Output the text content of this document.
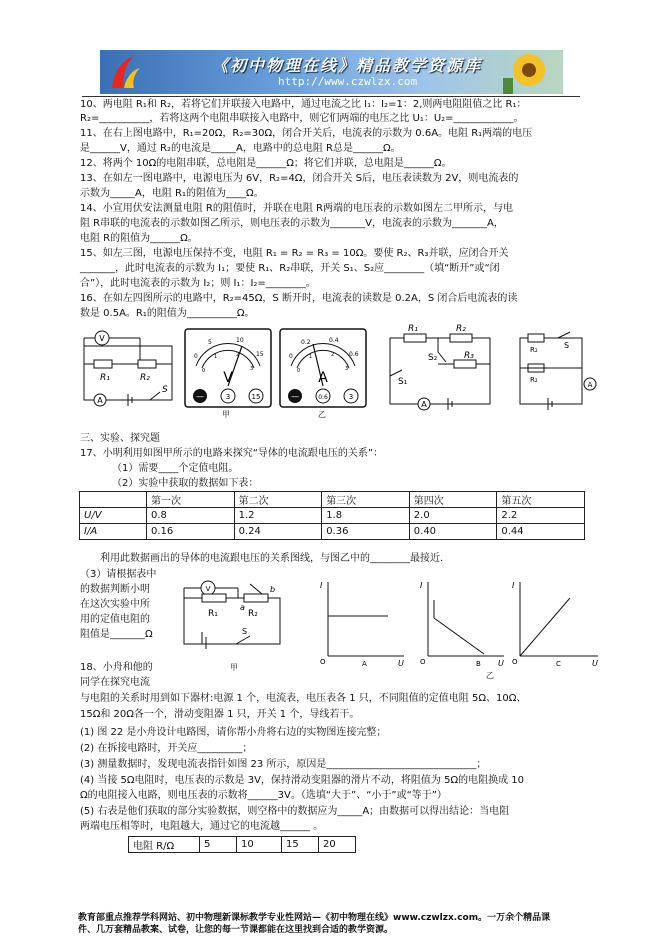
《初中物理在线》精品教学资源库
http://www.czwlzx.com
10、两电阻 R₁和 R₂，若将它们并联接入电路中，通过电流之比 I₁：I₂=1：2,则两电阻阻值之比 R₁：
R₂=__________，若将这两个电阻串联接入电路中，则它们两端的电压之比 U₁：U₂=____________。
11、在右上图电路中，R₁=20Ω，R₂=30Ω，闭合开关后，电流表的示数为 0.6A。电阻 R₁两端的电压
是______V，通过 R₂的电流是_____A，电路中的总电阻 R总是______Ω。
12、将两个 10Ω的电阻串联，总电阻是______Ω；将它们并联，总电阻是______Ω。
13、在如左一图电路中，电源电压为 6V，R₂=4Ω，闭合开关 S后，电压表读数为 2V，则电流表的
示数为_____A，电阻 R₁的阻值为____Ω。
14、小宣用伏安法测量电阻 R的阻值时，并联在电阻 R两端的电压表的示数如图左二甲所示，与电
阻 R串联的电流表的示数如图乙所示，则电压表的示数为_______V，电流表的示数为_______A，
电阻 R的阻值为______Ω。
15、如左三图，电源电压保持不变，电阻 R₁ = R₂ = R₃ = 10Ω。要使 R₂、R₃并联，应闭合开关
_______，此时电流表的示数为 I₁；要使 R₁、R₂串联，开关 S₁、S₂应________（填“断开”或“闭
合”），此时电流表的示数为 I₂；则 I₁：I₂=________。
16、在如左四图所示的电路中，R₂=45Ω，S 断开时，电流表的读数是 0.2A，S 闭合后电流表的读
数是 0.5A。R₁的阻值为__________Ω。
V
R₁	R₂
A
S
0
5	10
15
0
1	2
3
V
—	3	15
甲
0
0.2	0.4
0.6
0
1	2
3
A
—	0.6	3
乙
R₁	R₂
R₃
S₂
S₁
A
R₂
R₂
S
A
三、实验、探究题
17、小明利用如图甲所示的电路来探究“导体的电流跟电压的关系”：
（1）需要____个定值电阻。
（2）实验中获取的数据如下表：
	第一次	第二次	第三次	第四次	第五次
U/V	0.8	1.2	1.8	2.0	2.2
I/A	0.16	0.24	0.36	0.40	0.44
利用此数据画出的导体的电流跟电压的关系图线，与图乙中的________最接近.
（3）请根据表中
的数据判断小明
在这次实验中所
用的定值电阻的
阻值是_______Ω
V
R₁	R₂
a
b
S
甲
I
O	U
A
I
O	U
B
I
O	U
C
乙
18、小舟和他的
同学在探究电流
与电阻的关系时用到如下器材:电源 1 个，电流表，电压表各 1 只，不同阻值的定值电阻 5Ω、10Ω、
15Ω和 20Ω各一个，滑动变阻器 1 只，开关 1 个，导线若干。
(1) 图 22 是小舟设计电路图，请你帮小舟将右边的实物图连接完整；
(2) 在拆接电路时，开关应_________；
(3) 测量数据时，发现电流表指针如图 23 所示，原因是______________________________；
(4) 当接 5Ω电阻时，电压表的示数是 3V，保持滑动变阻器的滑片不动，将阻值为 5Ω的电阻换成 10
Ω的电阻接入电路，则电压表的示数将______3V。（选填“大于”、“小于”或“等于”）
(5) 右表是他们获取的部分实验数据，则空格中的数据应为_____A；由数据可以得出结论：当电阻
两端电压相等时，电阻越大，通过它的电流越______ 。
电阻 R/Ω	5	10	15	20
教育部重点推荐学科网站、初中物理新课标教学专业性网站—《初中物理在线》www.czwlzx.com。一万余个精品课
件、几万套精品教案、试卷，让您的每一节课都能在这里找到合适的教学资源。
